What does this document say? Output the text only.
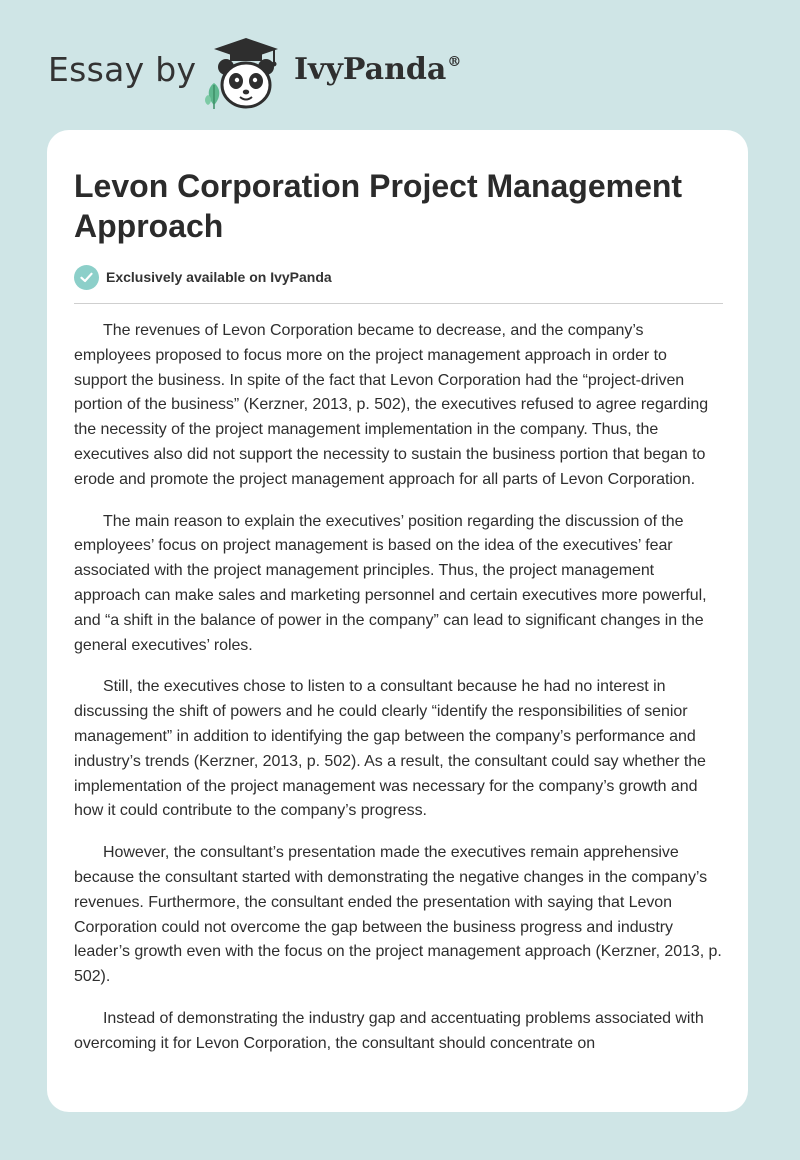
Essay by	IvyPanda®
Levon Corporation Project Management Approach
Exclusively available on IvyPanda

The revenues of Levon Corporation became to decrease, and the company’s employees proposed to focus more on the project management approach in order to support the business. In spite of the fact that Levon Corporation had the “project-driven portion of the business” (Kerzner, 2013, p. 502), the executives refused to agree regarding the necessity of the project management implementation in the company. Thus, the executives also did not support the necessity to sustain the business portion that began to erode and promote the project management approach for all parts of Levon Corporation.

The main reason to explain the executives’ position regarding the discussion of the employees’ focus on project management is based on the idea of the executives’ fear associated with the project management principles. Thus, the project management approach can make sales and marketing personnel and certain executives more powerful, and “a shift in the balance of power in the company” can lead to significant changes in the general executives’ roles.

Still, the executives chose to listen to a consultant because he had no interest in discussing the shift of powers and he could clearly “identify the responsibilities of senior management” in addition to identifying the gap between the company’s performance and industry’s trends (Kerzner, 2013, p. 502). As a result, the consultant could say whether the implementation of the project management was necessary for the company’s growth and how it could contribute to the company’s progress.

However, the consultant’s presentation made the executives remain apprehensive because the consultant started with demonstrating the negative changes in the company’s revenues. Furthermore, the consultant ended the presentation with saying that Levon Corporation could not overcome the gap between the business progress and industry leader’s growth even with the focus on the project management approach (Kerzner, 2013, p. 502).

Instead of demonstrating the industry gap and accentuating problems associated with overcoming it for Levon Corporation, the consultant should concentrate on
